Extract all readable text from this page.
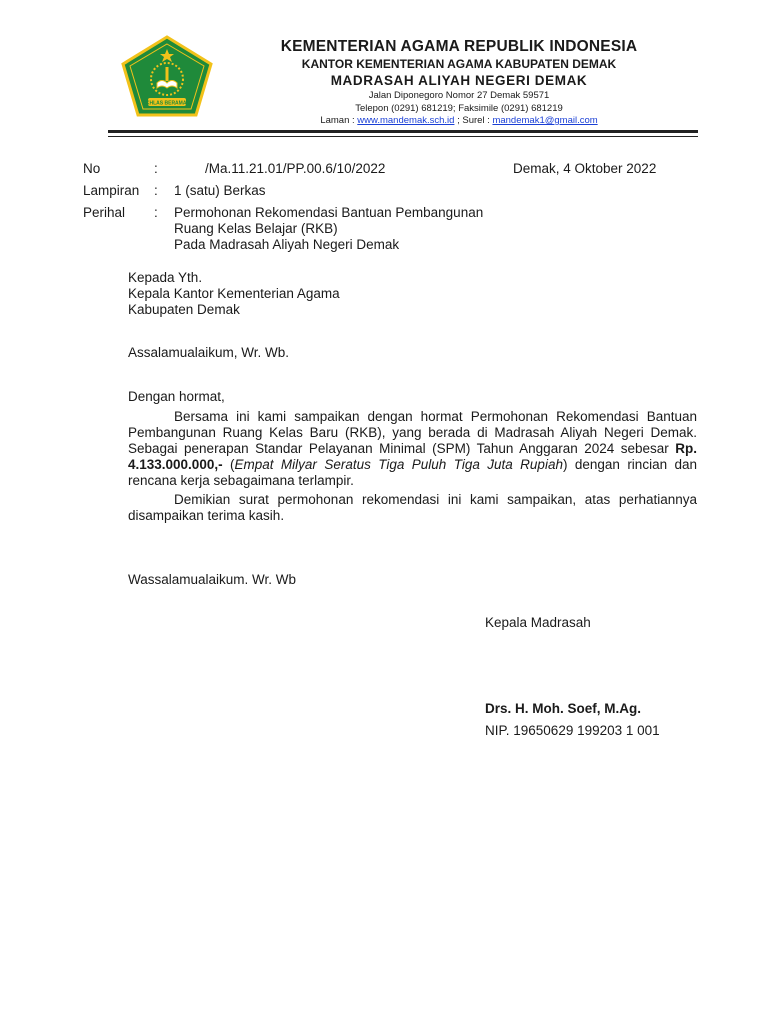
IKHLAS BERAMAL
KEMENTERIAN AGAMA REPUBLIK INDONESIA
KANTOR KEMENTERIAN AGAMA KABUPATEN DEMAK
MADRASAH ALIYAH NEGERI DEMAK
Jalan Diponegoro Nomor 27 Demak 59571
Telepon (0291) 681219; Faksimile (0291) 681219
Laman : www.mandemak.sch.id ; Surel : mandemak1@gmail.com
No	:	/Ma.11.21.01/PP.00.6/10/2022	Demak, 4 Oktober 2022
Lampiran : 1 (satu) Berkas
Perihal : Permohonan Rekomendasi Bantuan Pembangunan
Ruang Kelas Belajar (RKB)
Pada Madrasah Aliyah Negeri Demak
Kepada Yth.
Kepala Kantor Kementerian Agama
Kabupaten Demak
Assalamualaikum, Wr. Wb.
Dengan hormat,
Bersama ini kami sampaikan dengan hormat Permohonan Rekomendasi Bantuan Pembangunan Ruang Kelas Baru (RKB), yang berada di Madrasah Aliyah Negeri Demak. Sebagai penerapan Standar Pelayanan Minimal (SPM) Tahun Anggaran 2024 sebesar Rp. 4.133.000.000,- (Empat Milyar Seratus Tiga Puluh Tiga Juta Rupiah) dengan rincian dan rencana kerja sebagaimana terlampir.
Demikian surat permohonan rekomendasi ini kami sampaikan, atas perhatiannya disampaikan terima kasih.
Wassalamualaikum. Wr. Wb
Kepala Madrasah
Drs. H. Moh. Soef, M.Ag.
NIP. 19650629 199203 1 001
